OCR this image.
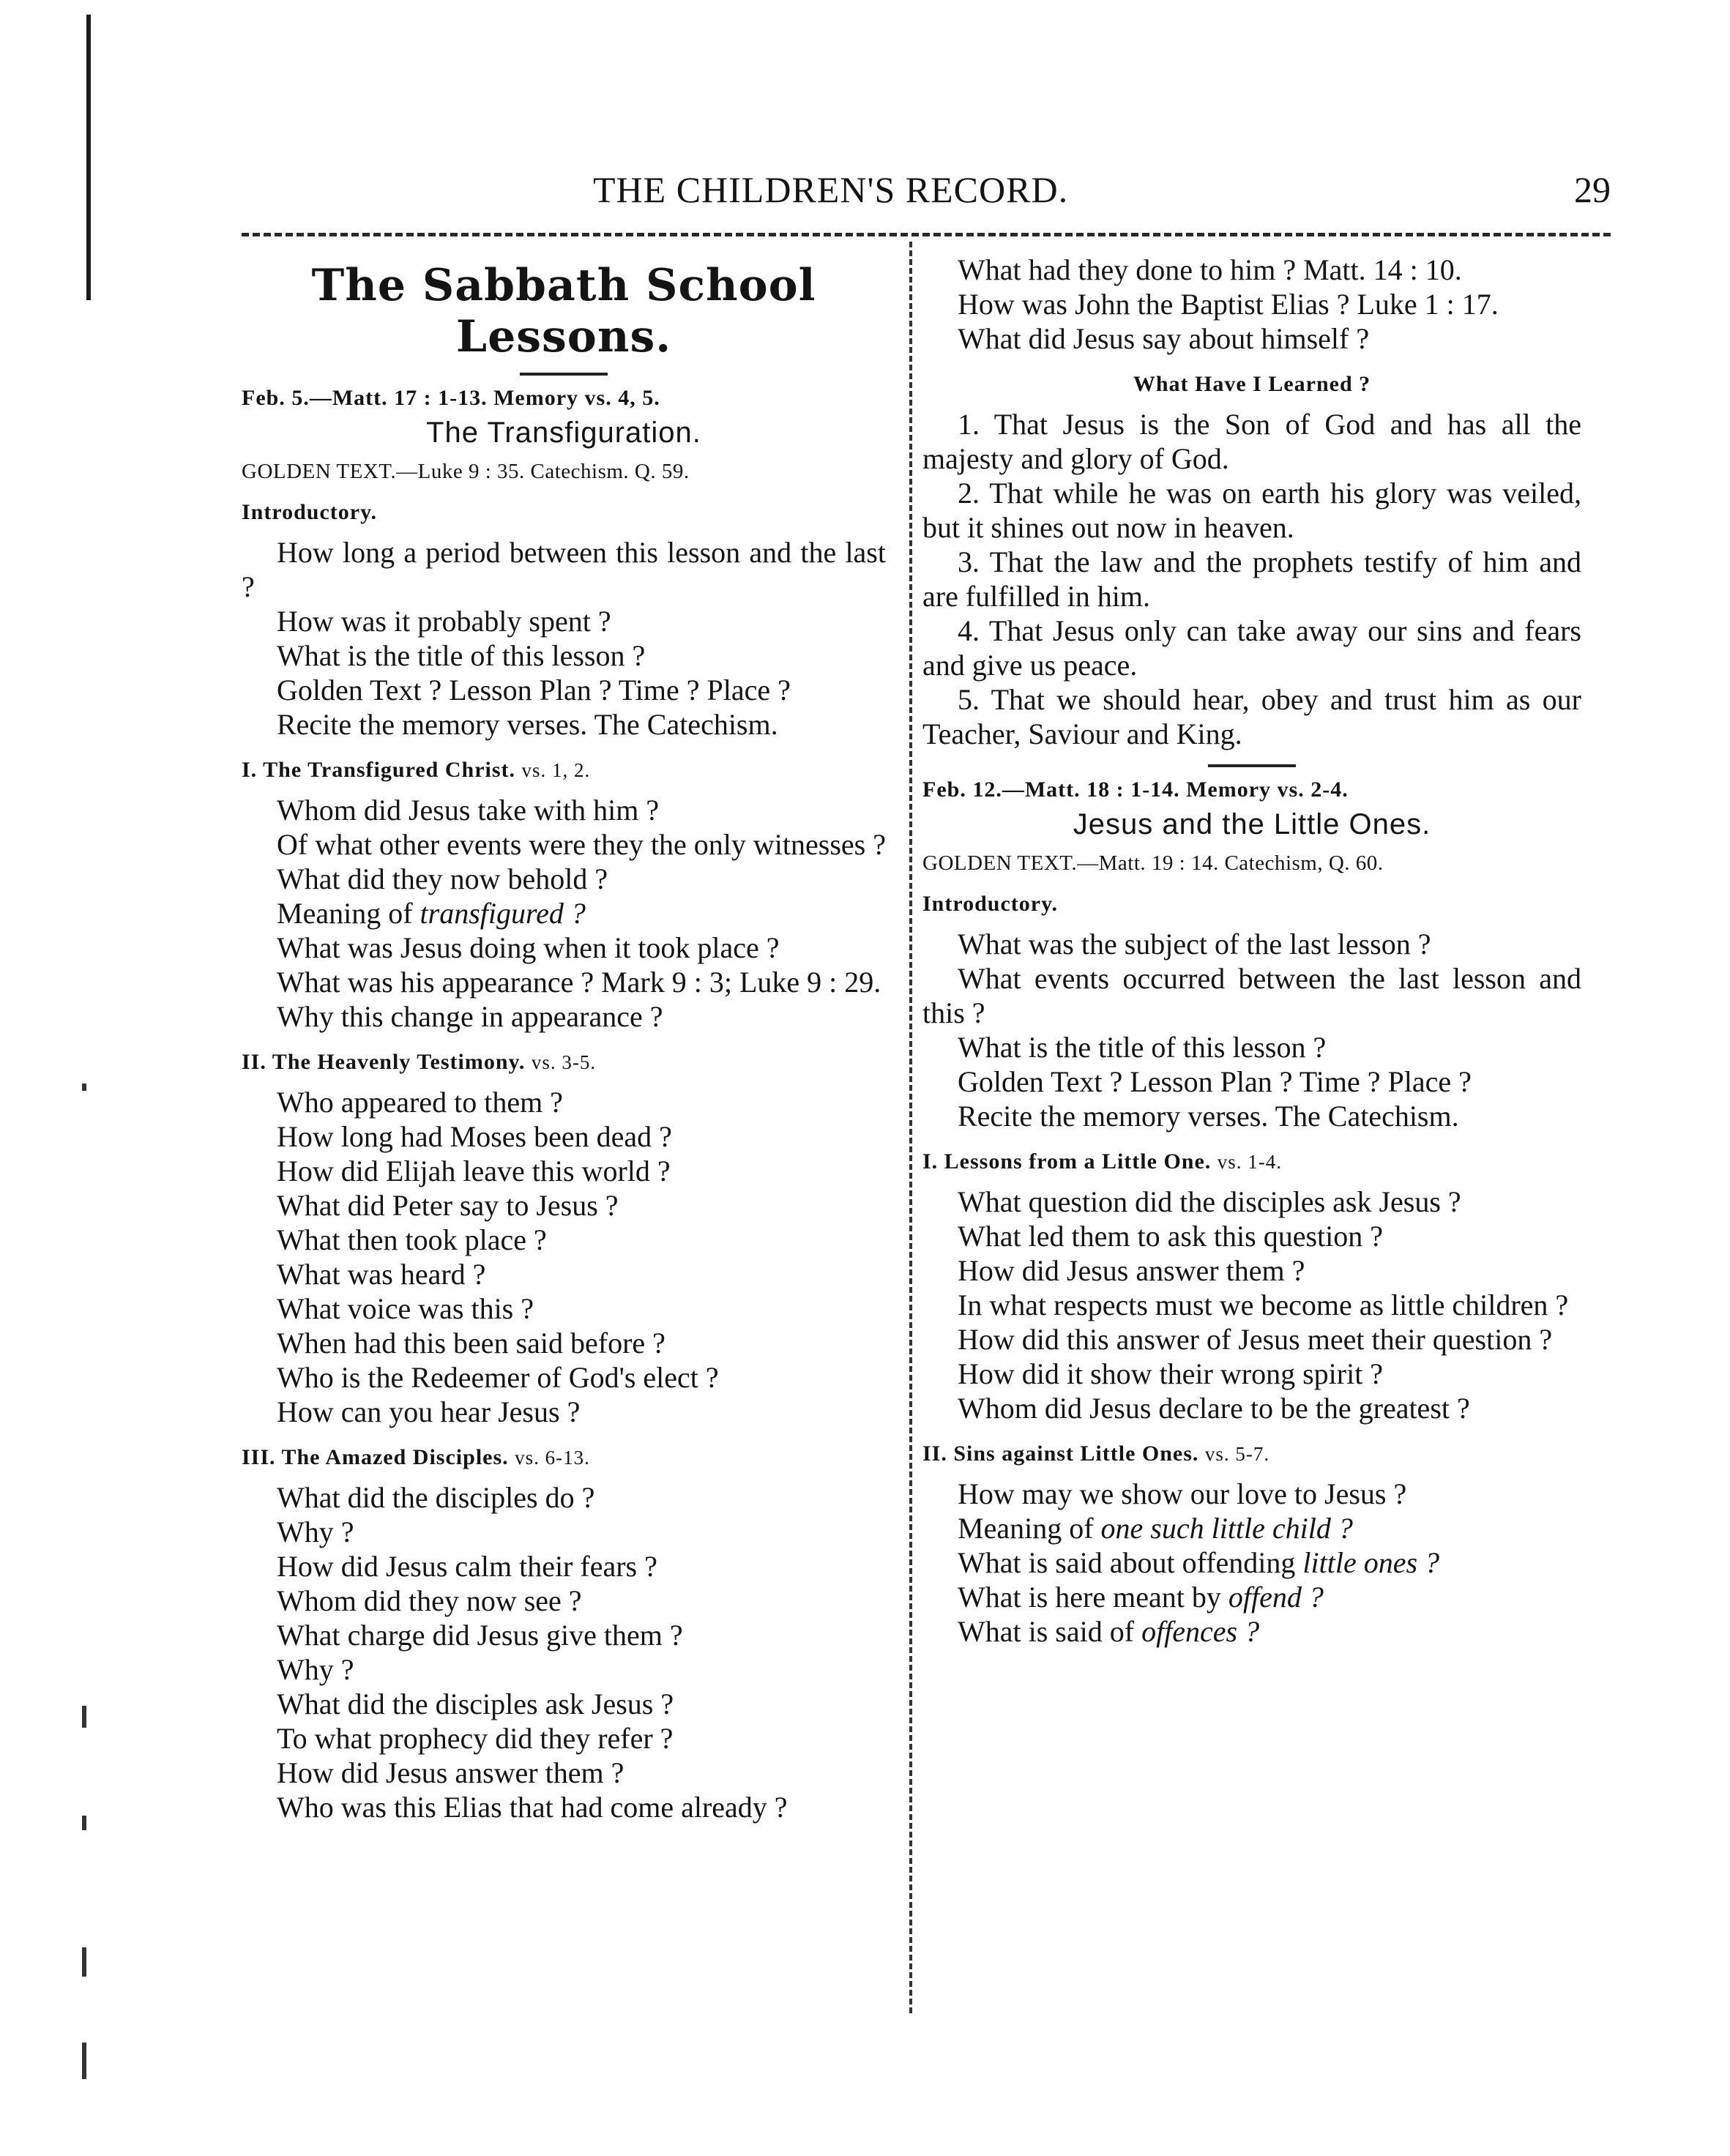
THE CHILDREN'S RECORD.	29
The Sabbath School Lessons.
Feb. 5.—Matt. 17 : 1-13. Memory vs. 4, 5.
The Transfiguration.
GOLDEN TEXT.—Luke 9 : 35. Catechism. Q. 59.
Introductory.

How long a period between this lesson and the last ?

How was it probably spent ?

What is the title of this lesson ?

Golden Text ? Lesson Plan ? Time ? Place ?

Recite the memory verses. The Catechism.

I. The Transfigured Christ. vs. 1, 2.

Whom did Jesus take with him ?

Of what other events were they the only witnesses ?

What did they now behold ?

Meaning of transfigured ?

What was Jesus doing when it took place ?

What was his appearance ? Mark 9 : 3; Luke 9 : 29.

Why this change in appearance ?

II. The Heavenly Testimony. vs. 3-5.

Who appeared to them ?

How long had Moses been dead ?

How did Elijah leave this world ?

What did Peter say to Jesus ?

What then took place ?

What was heard ?

What voice was this ?

When had this been said before ?

Who is the Redeemer of God's elect ?

How can you hear Jesus ?

III. The Amazed Disciples. vs. 6-13.

What did the disciples do ?

Why ?

How did Jesus calm their fears ?

Whom did they now see ?

What charge did Jesus give them ?

Why ?

What did the disciples ask Jesus ?

To what prophecy did they refer ?

How did Jesus answer them ?

Who was this Elias that had come already ?

What had they done to him ? Matt. 14 : 10.

How was John the Baptist Elias ? Luke 1 : 17.

What did Jesus say about himself ?

What Have I Learned ?

1. That Jesus is the Son of God and has all the majesty and glory of God.

2. That while he was on earth his glory was veiled, but it shines out now in heaven.

3. That the law and the prophets testify of him and are fulfilled in him.

4. That Jesus only can take away our sins and fears and give us peace.

5. That we should hear, obey and trust him as our Teacher, Saviour and King.

Feb. 12.—Matt. 18 : 1-14. Memory vs. 2-4.
Jesus and the Little Ones.
GOLDEN TEXT.—Matt. 19 : 14. Catechism, Q. 60.
Introductory.

What was the subject of the last lesson ?

What events occurred between the last lesson and this ?

What is the title of this lesson ?

Golden Text ? Lesson Plan ? Time ? Place ?

Recite the memory verses. The Catechism.

I. Lessons from a Little One. vs. 1-4.

What question did the disciples ask Jesus ?

What led them to ask this question ?

How did Jesus answer them ?

In what respects must we become as little children ?

How did this answer of Jesus meet their question ?

How did it show their wrong spirit ?

Whom did Jesus declare to be the greatest ?

II. Sins against Little Ones. vs. 5-7.

How may we show our love to Jesus ?

Meaning of one such little child ?

What is said about offending little ones ?

What is here meant by offend ?

What is said of offences ?
